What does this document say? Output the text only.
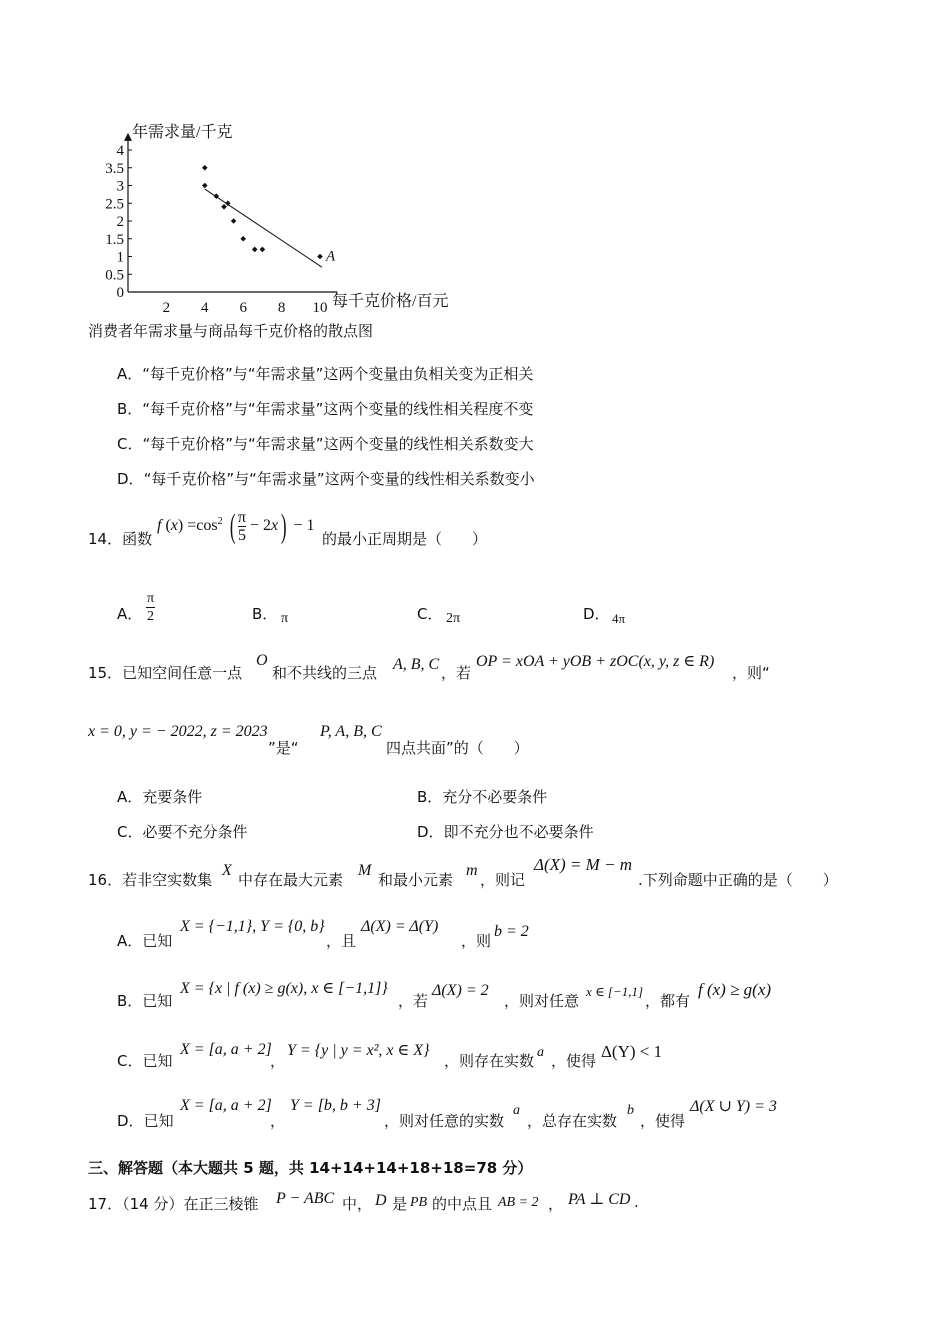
年需求量/千克
每千克价格/百元
4
3.5
3
2.5
2
1.5
1
0.5
0
2 4 6 8 10
A
消费者年需求量与商品每千克价格的散点图
A．“每千克价格”与“年需求量”这两个变量由负相关变为正相关
B．“每千克价格”与“年需求量”这两个变量的线性相关程度不变
C．“每千克价格”与“年需求量”这两个变量的线性相关系数变大
D．“每千克价格”与“年需求量”这两个变量的线性相关系数变小
14．函数
f $(x) =\cos^2$ ( $\frac{\pi}{5} - 2x) - 1$
的最小正周期是（　　）
A．
π
2	B． π	C． 2π	D． 4π
15．已知空间任意一点
O
和不共线的三点 A, B, C ，若
OP = xOA + yOB + zOC(x, y, z ∈ R)
，则“
x = 0, y = − 2022, z = 2023
”是“
P, A, B, C
四点共面”的（　　）
A．充要条件	B．充分不必要条件
C．必要不充分条件	D．即不充分也不必要条件
16．若非空实数集
X
中存在最大元素
M
和最小元素
m
，则记
Δ(X) = M − m
.下列命题中正确的是（　　）
A．已知
X = {−1,1}, Y = {0, b}
，且
Δ(X) = Δ(Y)
，则
b = 2
B．已知
X = {x | f (x) ≥ g(x), x ∈ [−1,1]}
，若
Δ(X) = 2
，则对任意
x ∈ [−1,1]
，都有
f (x) ≥ g(x)
C．已知
X = [a, a + 2]
，
Y = {y | y = x², x ∈ X}
，则存在实数 a ，使得 Δ(Y) < 1
D．已知
X = [a, a + 2]
，
Y = [b, b + 3]
，则对任意的实数
a
，总存在实数
b
，使得
Δ(X ∪ Y) = 3
三、解答题（本大题共 5 题，共 14+14+14+18+18=78 分）
17．（14 分）在正三棱锥 P − ABC 中， D 是 PB 的中点且 AB = 2 ， PA ⊥ CD .
